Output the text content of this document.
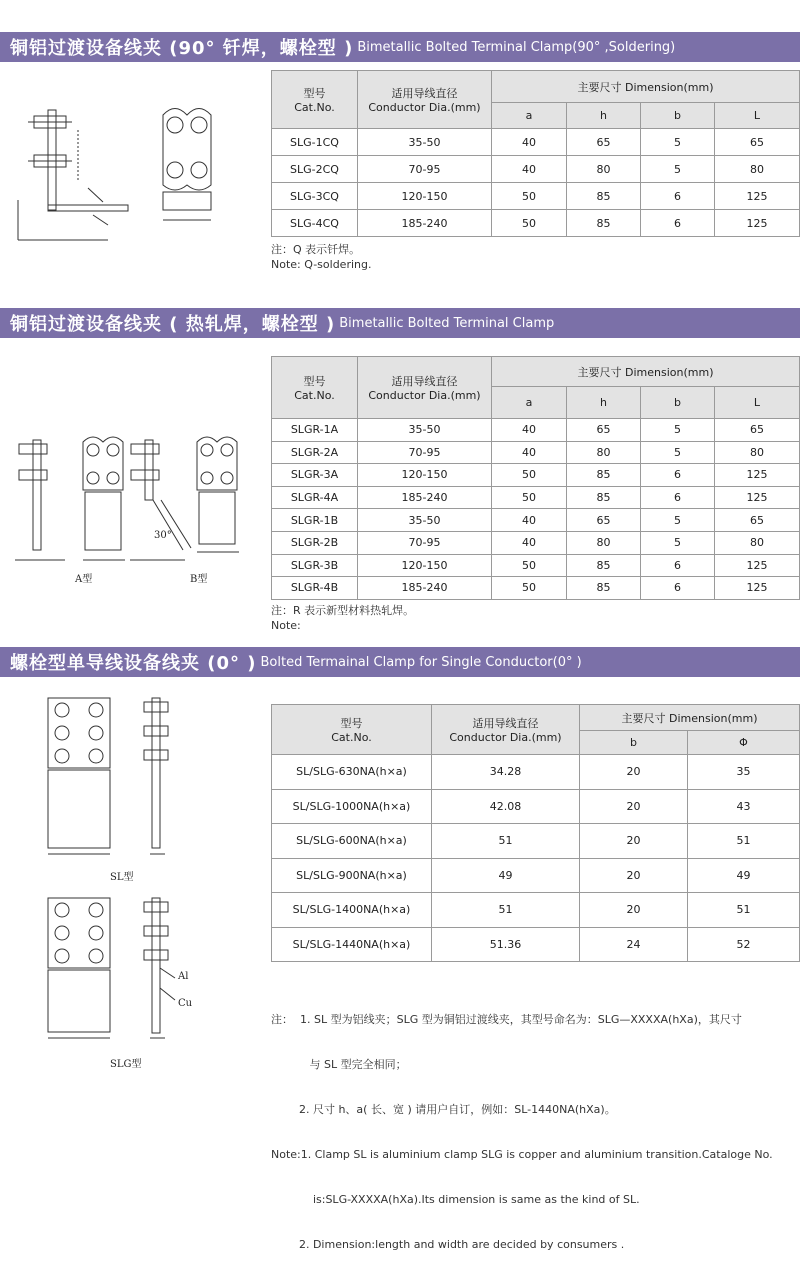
铜铝过渡设备线夹 (90° 钎焊，螺栓型 ) Bimetallic Bolted Terminal Clamp(90° ,Soldering)
型号
Cat.No.	适用导线直径
Conductor Dia.(mm)	主要尺寸 Dimension(mm)			
		a	h	b	L
SLG-1CQ	35-50	40	65	5	65
SLG-2CQ	70-95	40	80	5	80
SLG-3CQ	120-150	50	85	6	125
SLG-4CQ	185-240	50	85	6	125
注：Q 表示钎焊。
Note: Q-soldering.
铜铝过渡设备线夹 ( 热轧焊，螺栓型 ) Bimetallic Bolted Terminal Clamp
A型	B型
30°
型号
Cat.No.	适用导线直径
Conductor Dia.(mm)	主要尺寸 Dimension(mm)			
		a	h	b	L
SLGR-1A	35-50	40	65	5	65
SLGR-2A	70-95	40	80	5	80
SLGR-3A	120-150	50	85	6	125
SLGR-4A	185-240	50	85	6	125
SLGR-1B	35-50	40	65	5	65
SLGR-2B	70-95	40	80	5	80
SLGR-3B	120-150	50	85	6	125
SLGR-4B	185-240	50	85	6	125
注：R 表示新型材料热轧焊。
Note:
螺栓型单导线设备线夹 (0° ) Bolted Termainal Clamp for Single Conductor(0° )
SL型
Al
Cu
SLG型
型号
Cat.No.	适用导线直径
Conductor Dia.(mm)	主要尺寸 Dimension(mm)	
		b	Φ
SL/SLG-630NA(h×a)	34.28	20	35
SL/SLG-1000NA(h×a)	42.08	20	43
SL/SLG-600NA(h×a)	51	20	51
SL/SLG-900NA(h×a)	49	20	49
SL/SLG-1400NA(h×a)	51	20	51
SL/SLG-1440NA(h×a)	51.36	24	52

注：  1. SL 型为铝线夹；SLG 型为铜铝过渡线夹，其型号命名为：SLG—XXXXA(hXa)，其尺寸

与 SL 型完全相同；

2. 尺寸 h、a( 长、宽 ) 请用户自订，例如：SL-1440NA(hXa)。

Note:1. Clamp SL is aluminium clamp SLG is copper and aluminium transition.Cataloge No.

is:SLG-XXXXA(hXa).Its dimension is same as the kind of SL.

2. Dimension:length and width are decided by consumers .
